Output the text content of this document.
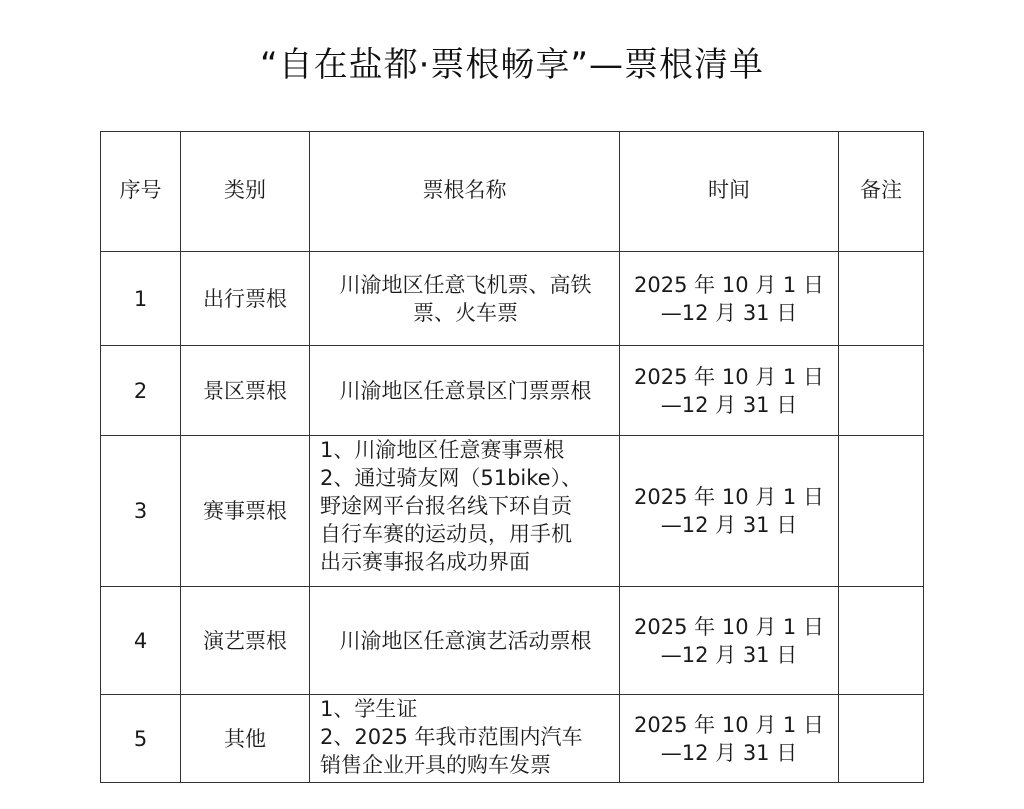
“自在盐都·票根畅享”—票根清单
序号	类别	票根名称	时间	备注
1	出行票根	川渝地区任意飞机票、高铁
票、火车票	2025 年 10 月 1 日
—12 月 31 日	

2	景区票根	川渝地区任意景区门票票根	2025 年 10 月 1 日
—12 月 31 日	

3	赛事票根	1、川渝地区任意赛事票根
2、通过骑友网（51bike）、
野途网平台报名线下环自贡
自行车赛的运动员，用手机
出示赛事报名成功界面	2025 年 10 月 1 日
—12 月 31 日	

4	演艺票根	川渝地区任意演艺活动票根	2025 年 10 月 1 日
—12 月 31 日	

5	其他	1、学生证
2、2025 年我市范围内汽车
销售企业开具的购车发票	2025 年 10 月 1 日
—12 月 31 日	
